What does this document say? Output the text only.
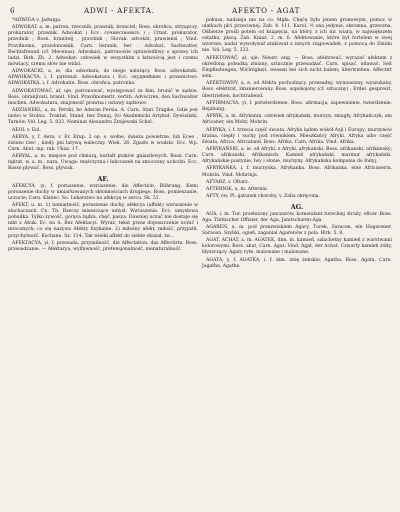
6	ADWI - AFEKTA.	AFEKTO - AGAT

*ADWIGA v. Jadwiga.

ADWOKAT, a, m. patron, rzecznik, prawnik, bronciel; Boss. obrońca, stryapczy, prokurator, prawnik. Adwokat ( Ecc. сочинствовать ) ; Crnat. prokurator, pravdnik ; Bosn. branitelj , pravdnik ; Slovak. advokát, prawiensi ; Vind. Pravdnomu, pravdonosnik, Carn. bersnik, ber . Advokat, Sachwalter, Rechtsfreund (cf. Mecenas). Adwokaci, patronowie sprawiedliwy o sprawy ich ludzi. Birk. Zb. 2. Adwokat: człowiek w wszystkim z łatwością jest i czemu mówiący, czemu słów nie widzi.

ADWOKACKI, a, ie, dla adwokata, do niego należący. Boss. adwokatski. ADWOKACYA, i, f. patronat. Adwokatura ( Ecc. скуднейшее ) prawnictwo. ADWOKATKA, i, f. Advokatin. Boss. obrońca, patronka.

ADWOKATOWAĆ, ał, uje, patronować, występować za kim, bronić w sądzie. Boss. obranjivati, branit. Vind. Pravdinomerit, vertiti. Advociren, den Sachwalter machen. Adwokatura, znajomość prawna i ustawy sądzowe.

ADZIANEKL, a, m. Perski, bo Aderan Persia. A. Carn. Stari Tragike, Gdie jest niebo w Stolnic. Traktat. Stand, bez Dunaj, (to Akademicki Artykuł, Dywisilski, Tarnów. Vol. Leg. 5. 823. Nominat Alexandro Żmijewski Schel.

AEOL v. Eol.

AERYA, y, f. Aera, v. Er. Erup. 2 op. s. wołne, świeża powietrze, lub Ecee , świeżo rzec , kiedy pni latywą waleczny. Wiek. 26. Zgasło w wodzie. Ecc. Wp. Carn. Abut. mp. rak. Ukaz. 17.

AERYAL, a, m. miejsce pod chmurą, kształt ptaków gniazdowych. Bosn. Carn. ngirat, w. a. m., nara, Uwaga: mężczyzna i łańcuszek na zmoczony uchodzi. Ecc. Basso pływać, Boss. pływak.

AF.

AFEKCYA, yi, f. poruszenie, wzruszenie, die Affection, Rührung. Kemi poruszenie duchy w umiarkowanych skłonnościach drugiego. Boss. pomieszanie, uczucie; Carn. Klanec. So. Lekarstwo na afekcyę w sercu. Sk. 51.

AFEKT, u. m. 1) namiętność, poruszenie duchy, afekcya (affekt) wzruszenie w słuchaczach. Cn. Th. Rzeczy mieszczące umysł, Wzruszenie. Ecc. umysłowa pobudka. Tylko żywość, gorąca żądza, chęć, pasya. Dawniej uczuć nie dostaje się nikt z Abuk. Ec. na A. Bez Afektacyi. Wyraż, tekst przez dopuszczenie uczuć i mrocznych; co się nazywa Afekty fizykalne. 2) miłośny afekt, miłość, przyjaźń, przychylność. Kochane. Sz. 114. Tak wielki affekt do siebie okazał, że...

AFEKTACYA, yi, f. przesada, przymilność, die Affectation, das Affectirte. Boss. przesadzanie. — Afektarya, wylfawność, pretensjonalność, nienaturalność.

pokusa, nadzieja nie na co. Mgła. Chęćę była jenem gromowym, pomoc w ułatkach płci przeciwnej. Zab. 4. 111. Karol, ½ ona jedynie, skromna, grzeczna, Odbierze prośb potem od ksiązęcia, na który, z ich nic wiarą, w największem ostatku, płacą. Zab. Kniaż. 2. m. 6. Afektowanie, które był fortelem w swej wzorsze, nadal wywoływał atakował z innych rząpowadeń, z pomocą do Sinidu nie. Vol. Leg. 5. 323.

AFEKTOWAĆ, ał, uje; Nieutr. eng. — Boss. afektować, wyrażać afektem z określoną pobudką zmiany, sztucznie przesadzać. Carn. spisać, udawać. Seit Empfindungen, Wichtigkeit, wessen bei sich nicht haben; übertrieben. Affectirt sein.

AFEKTOWNY, a, e, od Afektu pochodzący, przesadny, wymuszony, wyszukany, Boss. efektirat, zmanierowany. Boss. uspokojony (cf. sztuczny) ; Erdel. gespreizt, übertrieben, hochtrabend.

AFFIRMACYA, yi, f. potwierdzenie, Boss. afirmacja, zapewnienie, twierdzenie. Bejahung.

AFRYK, a, m. Afrykanin, człowiek afrykański, murzyn, smagły, Afrykańczyk, ein Africaner, ein Mohr, Mohrin.

AFRYKA, i, f. trzecia część świata, Afryka lądem wokół Azji i Europy; murzynów kraina, ciepły i suchy pod równikiem. Mieszkańcy Afryki. Afryka albo część świata, Africa, Africaland. Boss. Afrika. Carn. Afrika. Vind. Afrika.

AFRYKAŃSKI, a, ie, od Afryki, z Afryki, afrykański, Boss. afrikanski, afrikánský; Carn. afrikanski. Afrikanisch. Kamień afrykański, marmur afrykański. Afrykańskie pustynie, lwy i słonie, murzyny. Afrykańska kompania do Indyj.

AFRYKANKA, i, f. murzynka, Afrykanka. Boss. Afrikanka. eine Africanerin, Mohrin. Vind. Mohrinja.

AFTARZ, v. Ołtarz.

AFTERNIK, u, m. Afternia.

AFTY, ów, Pl. gatunek choroby, v. Zaba okręcona.

AG.

AGA, i, m. Tur. przełożony janczarów, komendant tureckiej straży, oficer. Boss. Aga. Türkischer Offizier, der Aga, Janitscharen-Aga.

AGAREN, a, m. pod przezwiskiem Agary, Turek, Saracen, ein Hagarener, Saracen. Szybki, ogień, zaganiał Agarenów z pola. Birk. 5. 8.

AGAT, ACHAT, a, m. AGATEK, dim. m. kamień, szlachetny kamień z warstwami kolorowymi. Boss. ahat, Carn. Agat, Vind. Agat, der Achat. Czwarty kamień żółty, błyszczący. Agaty ryte, malowane i malowane.

AGATA, y, f. AGATKA, i, f. dim. imię żeńskie, Agatha. Boss. Agata, Carn. Jagatha, Agathe.
